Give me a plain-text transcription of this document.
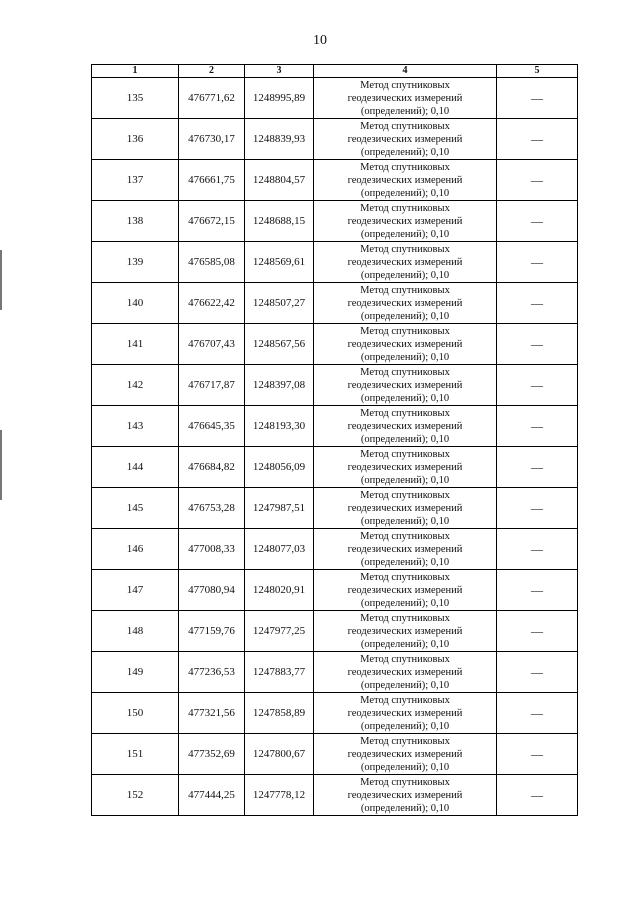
10
1	2	3	4	5
135	476771,62	1248995,89	Метод спутниковых
геодезических измерений
(определений); 0,10	—
136	476730,17	1248839,93	Метод спутниковых
геодезических измерений
(определений); 0,10	—
137	476661,75	1248804,57	Метод спутниковых
геодезических измерений
(определений); 0,10	—
138	476672,15	1248688,15	Метод спутниковых
геодезических измерений
(определений); 0,10	—
139	476585,08	1248569,61	Метод спутниковых
геодезических измерений
(определений); 0,10	—
140	476622,42	1248507,27	Метод спутниковых
геодезических измерений
(определений); 0,10	—
141	476707,43	1248567,56	Метод спутниковых
геодезических измерений
(определений); 0,10	—
142	476717,87	1248397,08	Метод спутниковых
геодезических измерений
(определений); 0,10	—
143	476645,35	1248193,30	Метод спутниковых
геодезических измерений
(определений); 0,10	—
144	476684,82	1248056,09	Метод спутниковых
геодезических измерений
(определений); 0,10	—
145	476753,28	1247987,51	Метод спутниковых
геодезических измерений
(определений); 0,10	—
146	477008,33	1248077,03	Метод спутниковых
геодезических измерений
(определений); 0,10	—
147	477080,94	1248020,91	Метод спутниковых
геодезических измерений
(определений); 0,10	—
148	477159,76	1247977,25	Метод спутниковых
геодезических измерений
(определений); 0,10	—
149	477236,53	1247883,77	Метод спутниковых
геодезических измерений
(определений); 0,10	—
150	477321,56	1247858,89	Метод спутниковых
геодезических измерений
(определений); 0,10	—
151	477352,69	1247800,67	Метод спутниковых
геодезических измерений
(определений); 0,10	—
152	477444,25	1247778,12	Метод спутниковых
геодезических измерений
(определений); 0,10	—
